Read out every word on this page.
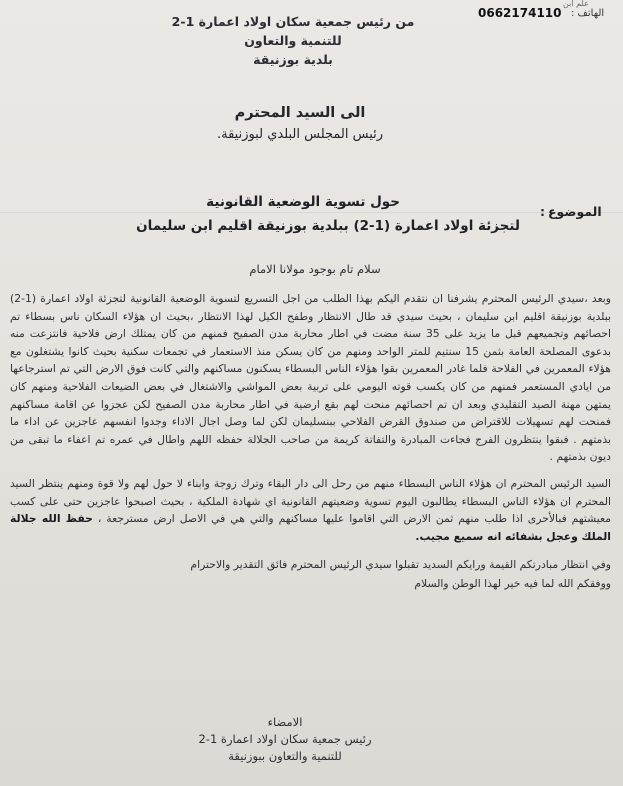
علم ابن
0662174110 الهاتف :
من رئيس جمعية سكان اولاد اعمارة 1-2
للتنمية والتعاون
بلدية بوزنيقة
الى السيد المحترم
رئيس المجلس البلدي لبوزنيقة.
الموضوع
:
حول تسوية الوضعية القانونية
لتجزئة اولاد اعمارة (1-2) ببلدية بوزنيقة اقليم ابن سليمان
سلام تام بوجود مولانا الامام

وبعد ،سيدي الرئيس المحترم يشرفنا ان نتقدم اليكم بهذا الطلب من اجل التسريع لتسوية الوضعية القانونية لتجزئة اولاد اعمارة (1-2) ببلدية بوزنيقة اقليم ابن سليمان ، بحيث سيدي قد طال الانتظار وطفح الكيل لهذا الانتظار ،بحيث ان هؤلاء السكان ناس بسطاء تم احصائهم وتجميعهم قبل ما يزيد على 35 سنة مضت في اطار محاربة مدن الصفيح فمنهم من كان يمتلك ارض فلاحية فانتزعت منه بدعوى المصلحة العامة بثمن 15 سنتيم للمتر الواحد ومنهم من كان يسكن منذ الاستعمار في تجمعات سكنية بحيث كانوا يشتغلون مع هؤلاء المعمرين في الفلاحة فلما غادر المعمرين بقوا هؤلاء الناس البسطاء يسكنون مساكنهم والتي كانت فوق الارض التي تم استرجاعها من ايادي المستعمر فمنهم من كان يكسب قوته اليومي على تربية بعض المواشي والاشتغال في بعض الضيعات الفلاحية ومنهم كان يمتهن مهنة الصيد التقليدي وبعد ان تم احصائهم منحت لهم بقع ارضية في اطار محاربة مدن الصفيح لكن عجزوا عن اقامة مساكنهم فمنحت لهم تسهيلات للاقتراض من صندوق القرض الفلاحي ببنسليمان لكن لما وصل اجال الاداء وجدوا انفسهم عاجزين عن اداء ما بذمتهم . فبقوا ينتظرون الفرج فجاءت المبادرة والتفاتة كريمة من صاحب الجلالة حفظه اللهم واطال في عمره تم اعفاء ما تبقى من ديون بذمتهم .

السيد الرئيس المحترم ان هؤلاء الناس البسطاء منهم من رحل الى دار البقاء وترك زوجة وابناء لا حول لهم ولا قوة ومنهم ينتظر السيد المحترم ان هؤلاء الناس البسطاء يطالبون اليوم تسوية وضعيتهم القانونية اي شهادة الملكية ، بحيث اصبحوا عاجزين حتى على كسب معيشتهم فبالأحرى اذا طلب منهم ثمن الارض التي اقاموا عليها مساكنهم والتي هي في الاصل ارض مسترجعة ، حفظ الله جلالة الملك وعجل بشفائه انه سميع مجيب.

وفي انتظار مبادرتكم القيمة ورايكم السديد تقبلوا سيدي الرئيس المحترم فائق التقدير والاحترام

ووفقكم الله لما فيه خير لهذا الوطن والسلام

الامضاء
رئيس جمعية سكان اولاد اعمارة 1-2
للتنمية والتعاون ببوزنيقة
